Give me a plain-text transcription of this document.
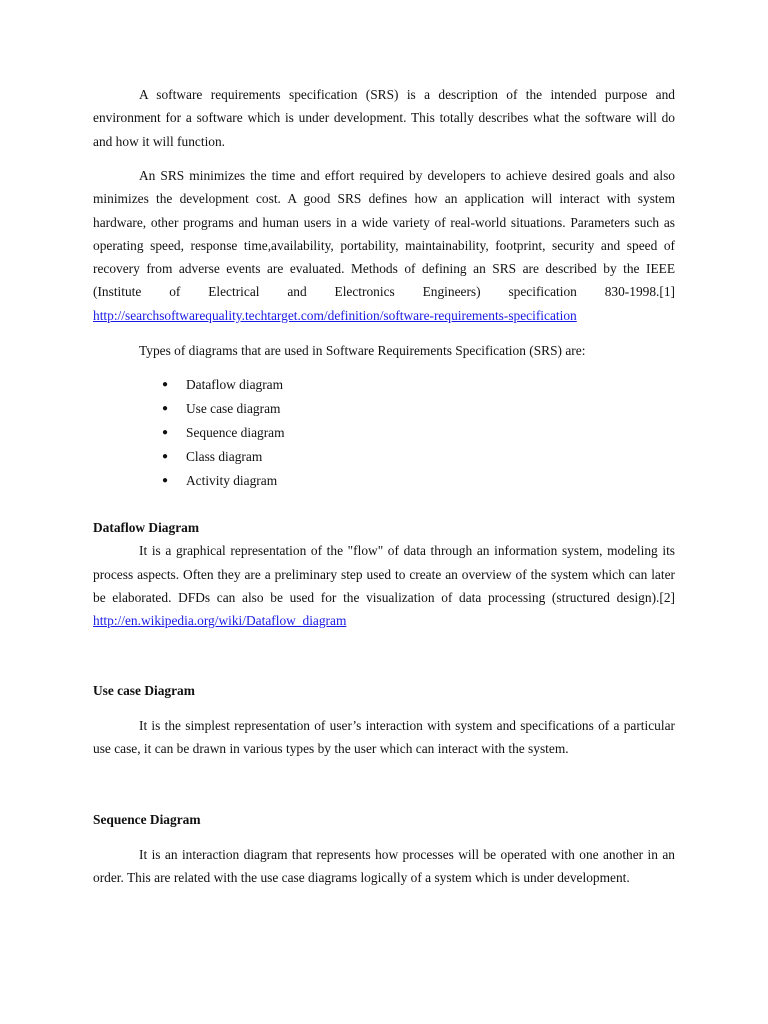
A software requirements specification (SRS) is a description of the intended purpose and environment for a software which is under development. This totally describes what the software will do and how it will function.

An SRS minimizes the time and effort required by developers to achieve desired goals and also minimizes the development cost. A good SRS defines how an application will interact with system hardware, other programs and human users in a wide variety of real-world situations. Parameters such as operating speed, response time,availability, portability, maintainability, footprint, security and speed of recovery from adverse events are evaluated. Methods of defining an SRS are described by the IEEE (Institute of Electrical and Electronics Engineers) specification 830-1998.[1] http://searchsoftwarequality.techtarget.com/definition/software-requirements-specification

Types of diagrams that are used in Software Requirements Specification (SRS) are:

● Dataflow diagram
● Use case diagram
● Sequence diagram
● Class diagram
● Activity diagram
Dataflow Diagram

It is a graphical representation of the "flow" of data through an information system, modeling its process aspects. Often they are a preliminary step used to create an overview of the system which can later be elaborated. DFDs can also be used for the visualization of data processing (structured design).[2] http://en.wikipedia.org/wiki/Dataflow_diagram

Use case Diagram

It is the simplest representation of user’s interaction with system and specifications of a particular use case, it can be drawn in various types by the user which can interact with the system.

Sequence Diagram

It is an interaction diagram that represents how processes will be operated with one another in an order. This are related with the use case diagrams logically of a system which is under development.
